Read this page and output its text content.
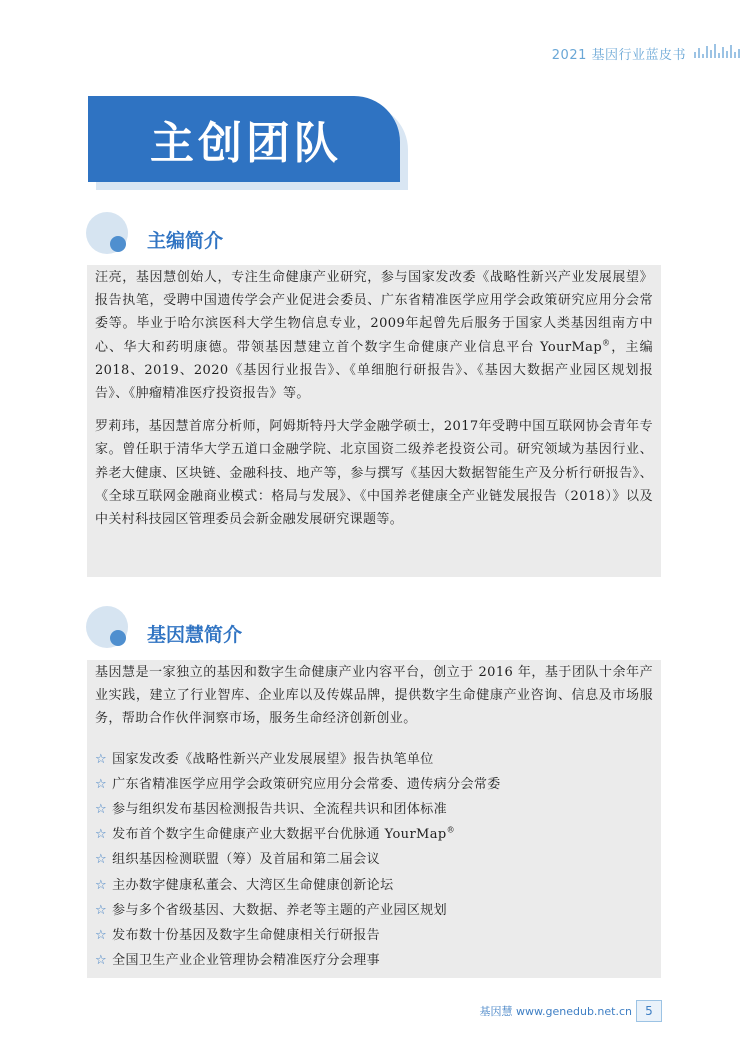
2021 基因行业蓝皮书
主创团队
主编简介

汪亮，基因慧创始人，专注生命健康产业研究，参与国家发改委《战略性新兴产业发展展望》报告执笔，受聘中国遗传学会产业促进会委员、广东省精准医学应用学会政策研究应用分会常委等。毕业于哈尔滨医科大学生物信息专业，2009年起曾先后服务于国家人类基因组南方中心、华大和药明康德。带领基因慧建立首个数字生命健康产业信息平台 YourMap®，主编 2018、2019、2020《基因行业报告》、《单细胞行研报告》、《基因大数据产业园区规划报告》、《肿瘤精准医疗投资报告》等。

罗莉玮，基因慧首席分析师，阿姆斯特丹大学金融学硕士，2017年受聘中国互联网协会青年专家。曾任职于清华大学五道口金融学院、北京国资二级养老投资公司。研究领域为基因行业、养老大健康、区块链、金融科技、地产等，参与撰写《基因大数据智能生产及分析行研报告》、《全球互联网金融商业模式：格局与发展》、《中国养老健康全产业链发展报告（2018）》以及中关村科技园区管理委员会新金融发展研究课题等。

基因慧简介

基因慧是一家独立的基因和数字生命健康产业内容平台，创立于 2016 年，基于团队十余年产业实践，建立了行业智库、企业库以及传媒品牌，提供数字生命健康产业咨询、信息及市场服务，帮助合作伙伴洞察市场，服务生命经济创新创业。

☆ 国家发改委《战略性新兴产业发展展望》报告执笔单位
☆ 广东省精准医学应用学会政策研究应用分会常委、遗传病分会常委
☆ 参与组织发布基因检测报告共识、全流程共识和团体标准
☆ 发布首个数字生命健康产业大数据平台优脉通 YourMap®
☆ 组织基因检测联盟（筹）及首届和第二届会议
☆ 主办数字健康私董会、大湾区生命健康创新论坛
☆ 参与多个省级基因、大数据、养老等主题的产业园区规划
☆ 发布数十份基因及数字生命健康相关行研报告
☆ 全国卫生产业企业管理协会精准医疗分会理事
基因慧 www.genedub.net.cn	5
